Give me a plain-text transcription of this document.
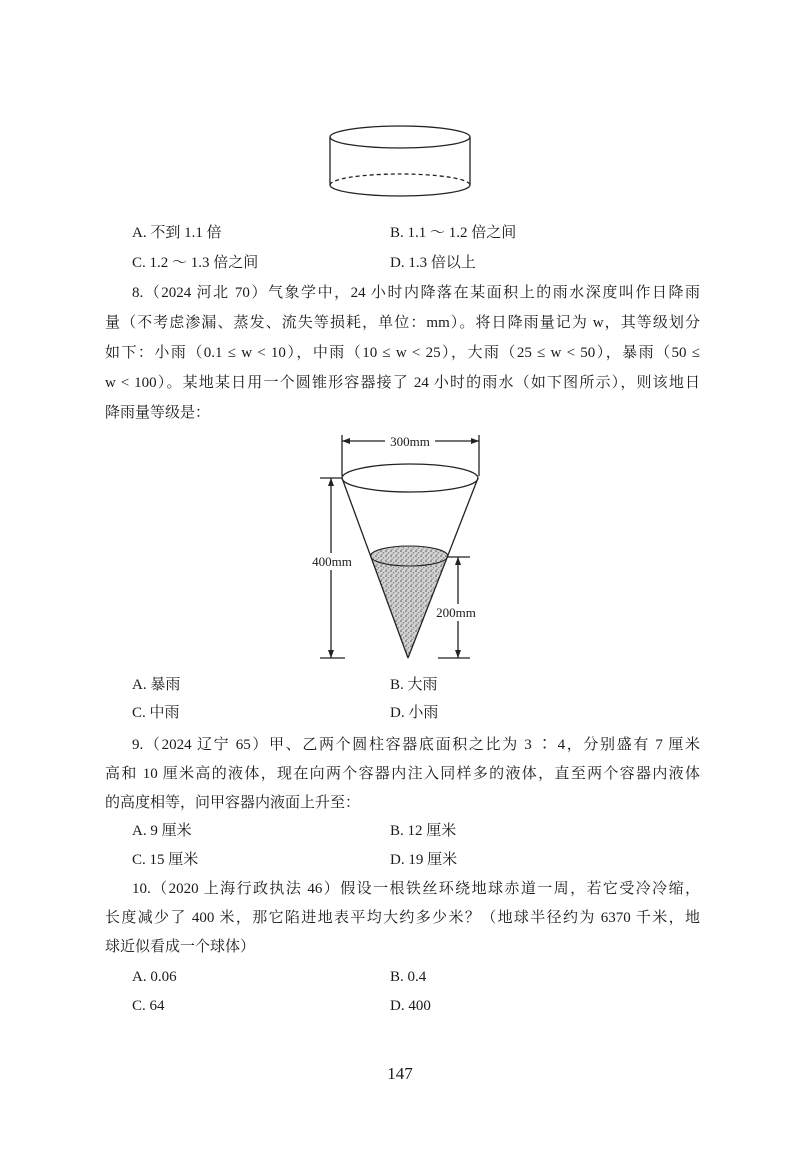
A. 不到 1.1 倍	B. 1.1 ～ 1.2 倍之间
C. 1.2 ～ 1.3 倍之间	D. 1.3 倍以上
8.（2024 河北 70）气象学中，24 小时内降落在某面积上的雨水深度叫作日降雨
量（不考虑渗漏、蒸发、流失等损耗，单位：mm）。将日降雨量记为 w，其等级划分
如下：小雨（0.1 ≤ w < 10），中雨（10 ≤ w < 25），大雨（25 ≤ w < 50），暴雨（50 ≤
w < 100）。某地某日用一个圆锥形容器接了 24 小时的雨水（如下图所示），则该地日
降雨量等级是：
300mm
400mm
200mm
A. 暴雨	B. 大雨
C. 中雨	D. 小雨
9.（2024 辽宁 65）甲、乙两个圆柱容器底面积之比为 3 ∶ 4，分别盛有 7 厘米
高和 10 厘米高的液体，现在向两个容器内注入同样多的液体，直至两个容器内液体
的高度相等，问甲容器内液面上升至：
A. 9 厘米	B. 12 厘米
C. 15 厘米	D. 19 厘米
10.（2020 上海行政执法 46）假设一根铁丝环绕地球赤道一周，若它受冷冷缩，
长度减少了 400 米，那它陷进地表平均大约多少米？（地球半径约为 6370 千米，地
球近似看成一个球体）
A. 0.06	B. 0.4
C. 64	D. 400
147
